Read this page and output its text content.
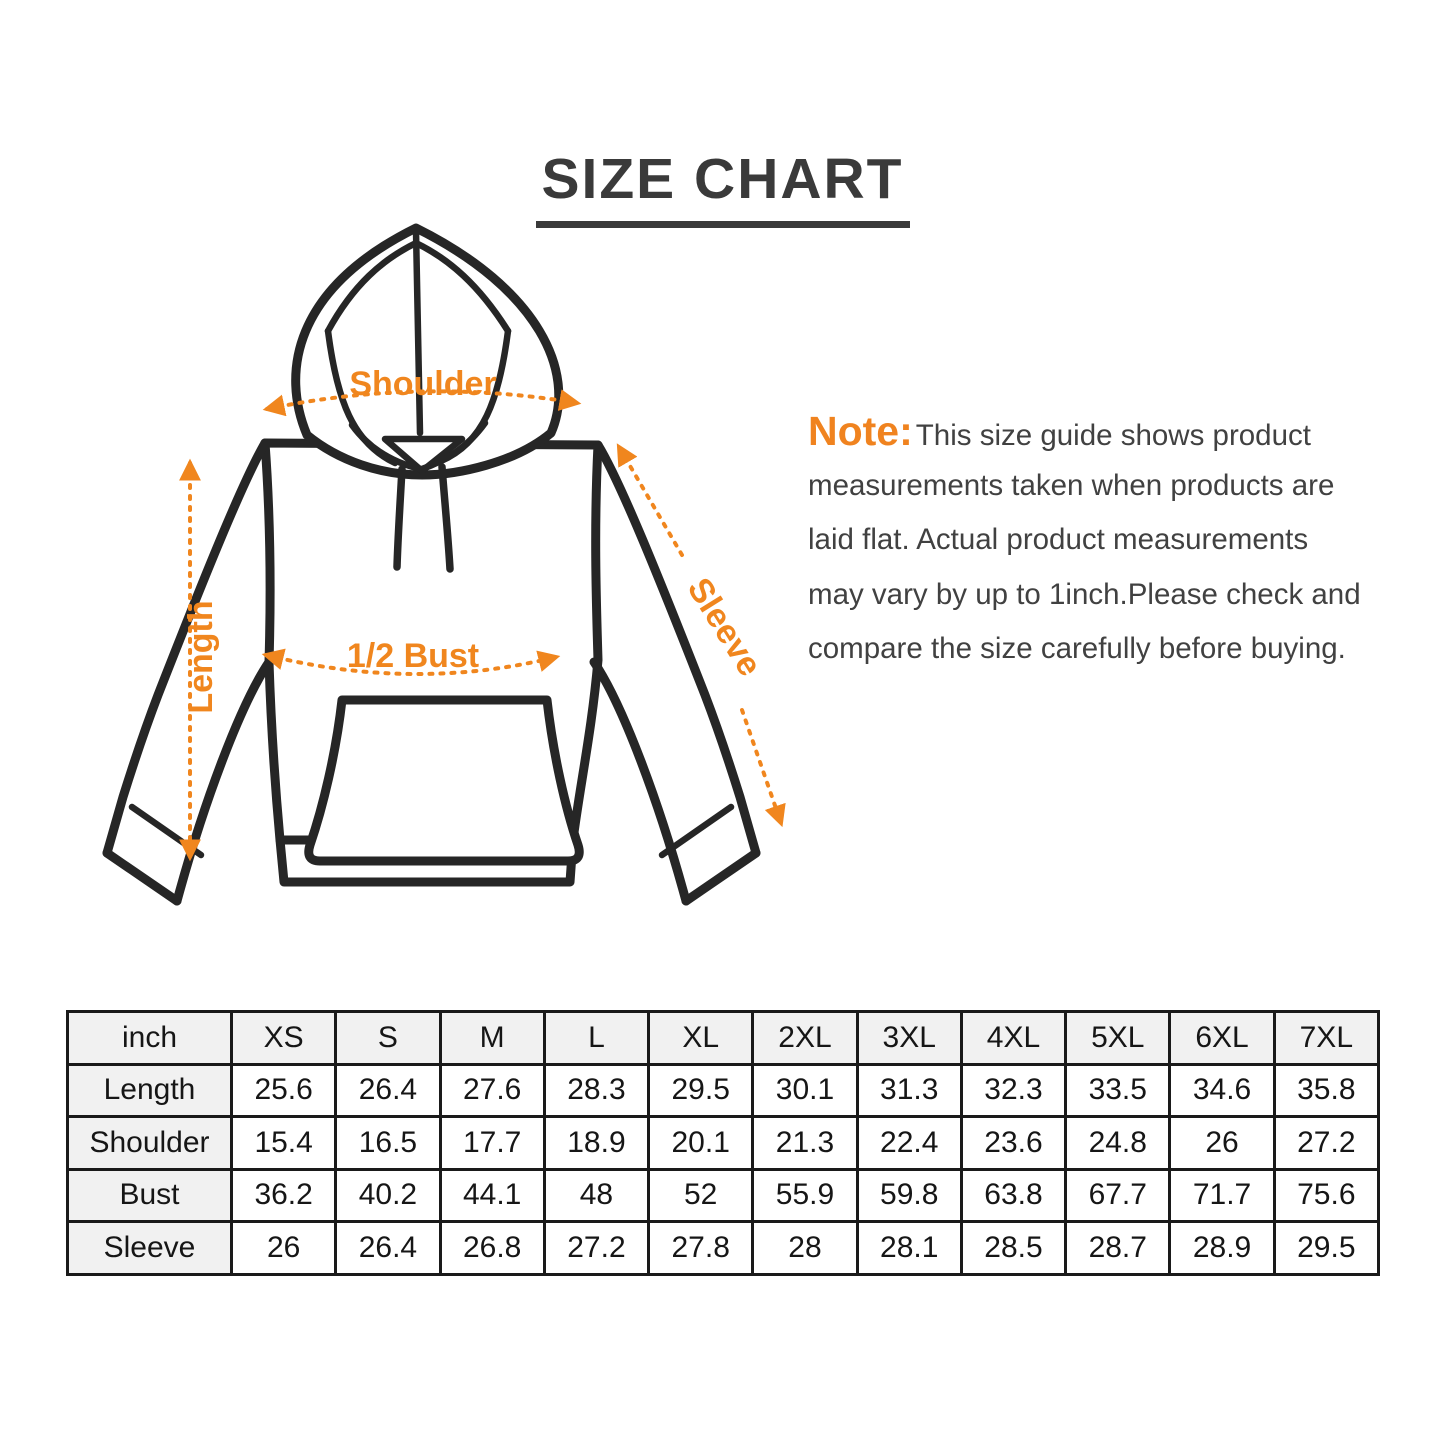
SIZE CHART
Shoulder
Length	1/2 Bust	Sleeve
Note: This size guide shows product
measurements taken when products are
laid flat. Actual product measurements
may vary by up to 1inch.Please check and
compare the size carefully before buying.
inch	XS	S	M	L	XL	2XL	3XL	4XL	5XL	6XL	7XL
Length	25.6	26.4	27.6	28.3	29.5	30.1	31.3	32.3	33.5	34.6	35.8
Shoulder	15.4	16.5	17.7	18.9	20.1	21.3	22.4	23.6	24.8	26	27.2
Bust	36.2	40.2	44.1	48	52	55.9	59.8	63.8	67.7	71.7	75.6
Sleeve	26	26.4	26.8	27.2	27.8	28	28.1	28.5	28.7	28.9	29.5
